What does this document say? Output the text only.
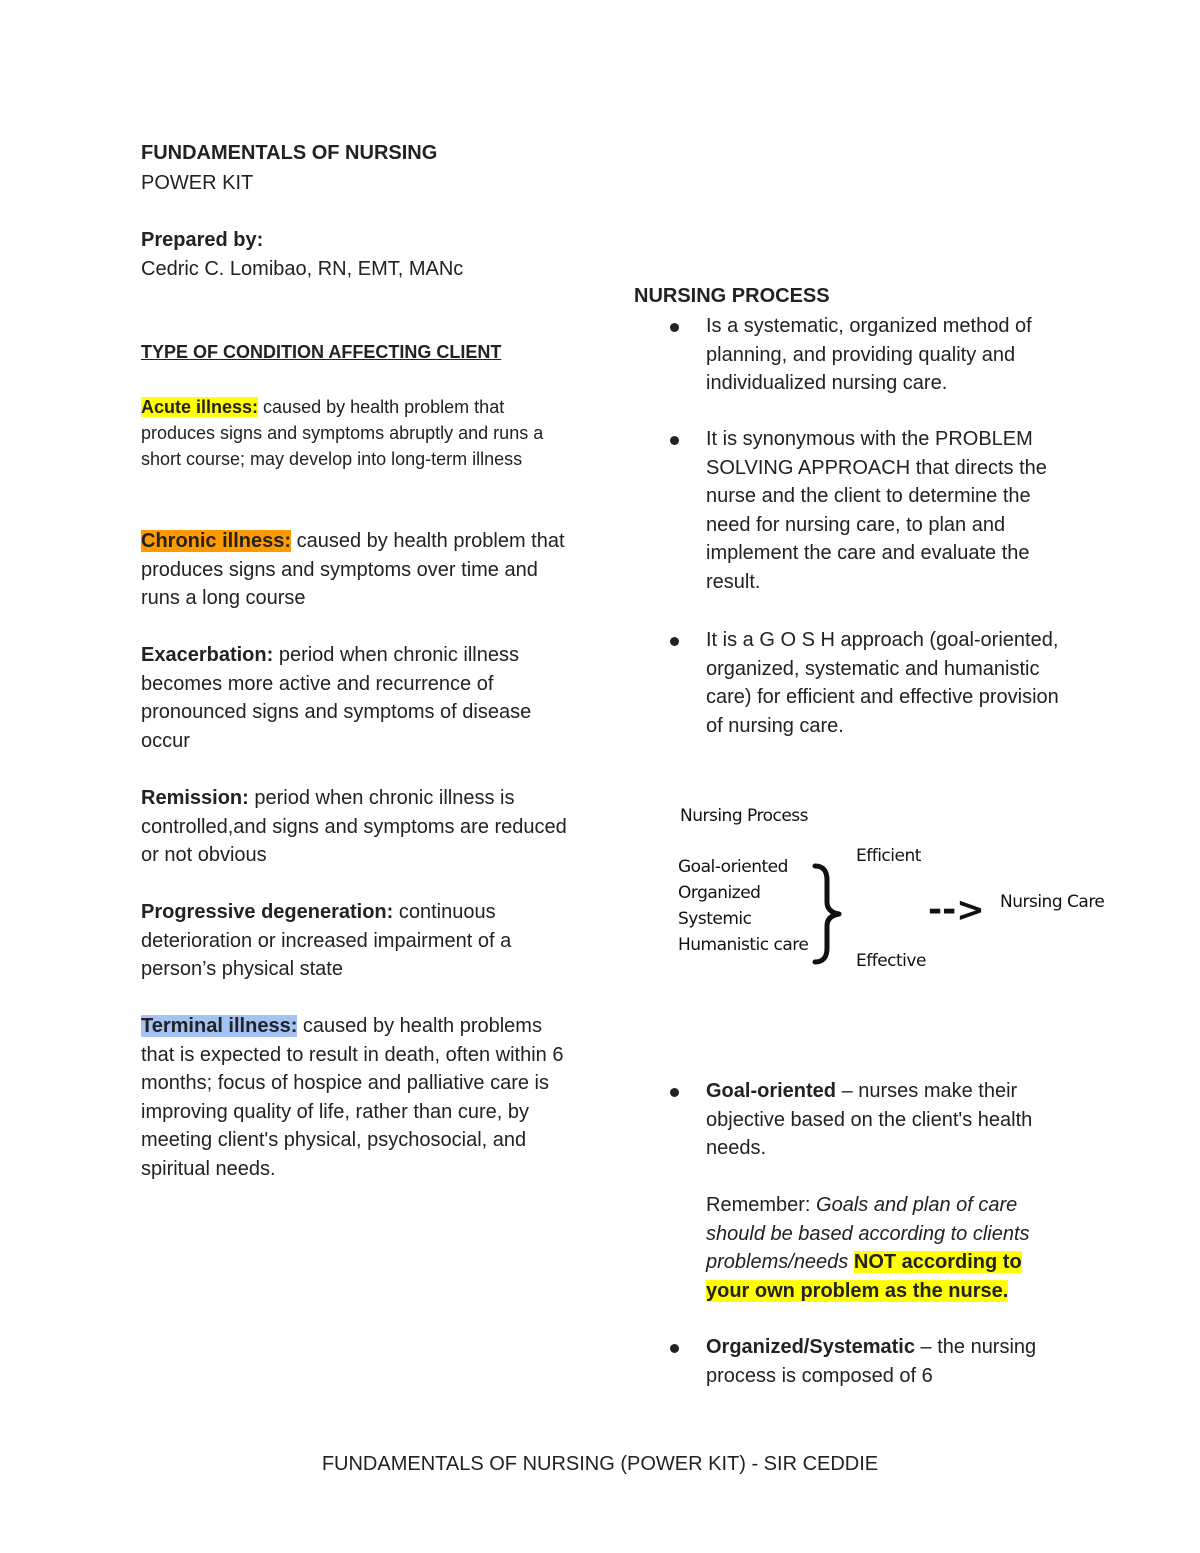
FUNDAMENTALS OF NURSING
POWER KIT
Prepared by:
Cedric C. Lomibao, RN, EMT, MANc
TYPE OF CONDITION AFFECTING CLIENT
Acute illness: caused by health problem that produces signs and symptoms abruptly and runs a short course; may develop into long-term illness
Chronic illness: caused by health problem that produces signs and symptoms over time and runs a long course
Exacerbation: period when chronic illness becomes more active and recurrence of pronounced signs and symptoms of disease occur
Remission: period when chronic illness is controlled,and signs and symptoms are reduced or not obvious
Progressive degeneration: continuous deterioration or increased impairment of a person’s physical state
Terminal illness: caused by health problems that is expected to result in death, often within 6 months; focus of hospice and palliative care is improving quality of life, rather than cure, by meeting client's physical, psychosocial, and spiritual needs.
NURSING PROCESS

Is a systematic, organized method of planning, and providing quality and individualized nursing care.

It is synonymous with the PROBLEM SOLVING APPROACH that directs the nurse and the client to determine the need for nursing care, to plan and implement the care and evaluate the result.

It is a G O S H approach (goal-oriented, organized, systematic and humanistic care) for efficient and effective provision of nursing care.

Nursing Process
Goal-oriented
Organized
Systemic
Humanistic care
Efficient
Effective
--> Nursing Care

Goal-oriented – nurses make their objective based on the client's health needs.

Remember: Goals and plan of care should be based according to clients problems/needs NOT according to your own problem as the nurse.

Organized/Systematic – the nursing process is composed of 6

FUNDAMENTALS OF NURSING (POWER KIT) - SIR CEDDIE
